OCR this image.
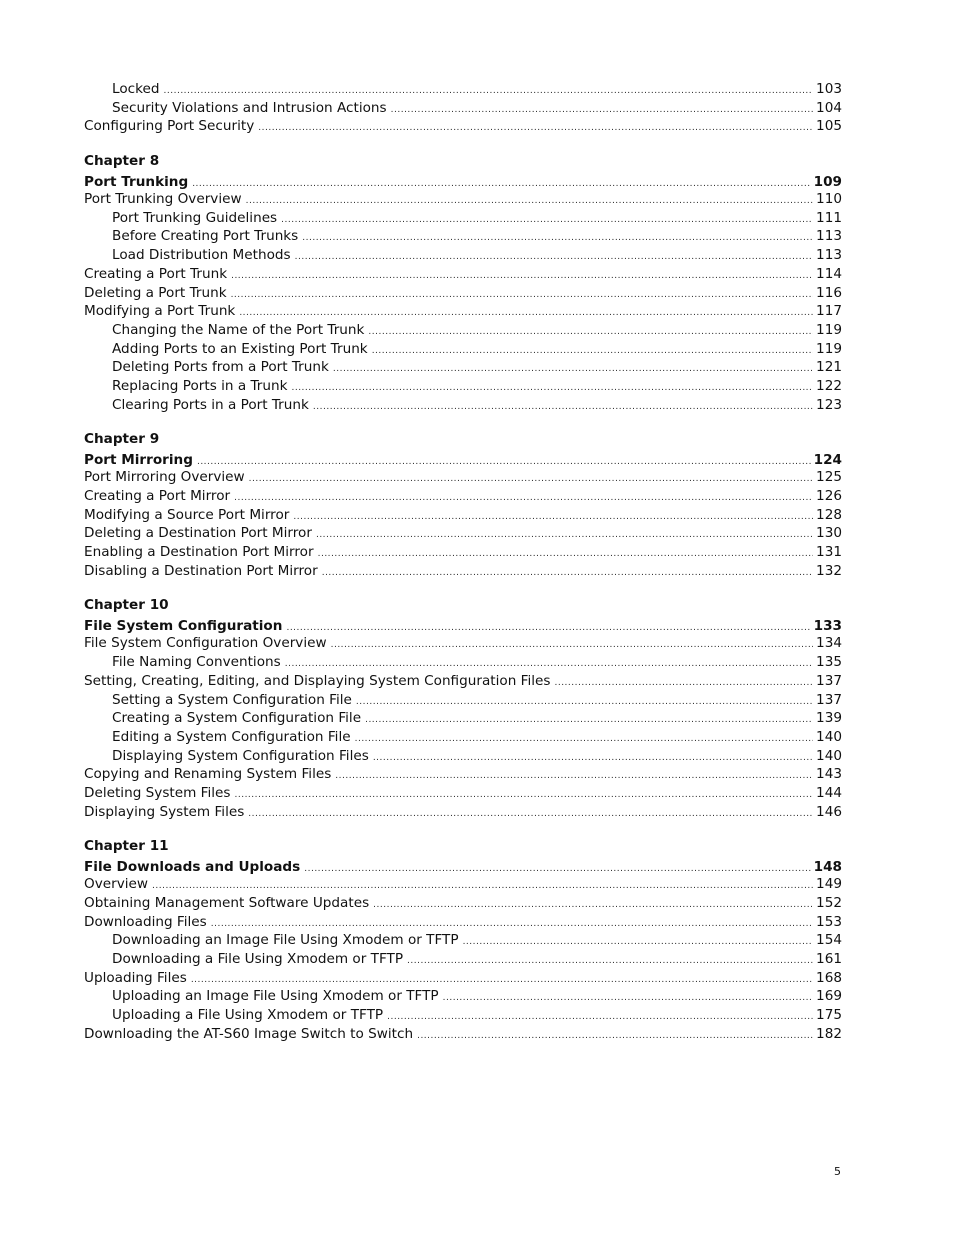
Locked .....	103
Security Violations and Intrusion Actions .....	104
Configuring Port Security .....	105
Chapter 8
Port Trunking .....	109
Port Trunking Overview .....	110
Port Trunking Guidelines .....	111
Before Creating Port Trunks .....	113
Load Distribution Methods .....	113
Creating a Port Trunk .....	114
Deleting a Port Trunk .....	116
Modifying a Port Trunk .....	117
Changing the Name of the Port Trunk .....	119
Adding Ports to an Existing Port Trunk .....	119
Deleting Ports from a Port Trunk .....	121
Replacing Ports in a Trunk .....	122
Clearing Ports in a Port Trunk .....	123
Chapter 9
Port Mirroring .....	124
Port Mirroring Overview .....	125
Creating a Port Mirror .....	126
Modifying a Source Port Mirror .....	128
Deleting a Destination Port Mirror .....	130
Enabling a Destination Port Mirror .....	131
Disabling a Destination Port Mirror .....	132
Chapter 10
File System Configuration .....	133
File System Configuration Overview .....	134
File Naming Conventions .....	135
Setting, Creating, Editing, and Displaying System Configuration Files .....	137
Setting a System Configuration File .....	137
Creating a System Configuration File .....	139
Editing a System Configuration File .....	140
Displaying System Configuration Files .....	140
Copying and Renaming System Files .....	143
Deleting System Files .....	144
Displaying System Files .....	146
Chapter 11
File Downloads and Uploads .....	148
Overview .....	149
Obtaining Management Software Updates .....	152
Downloading Files .....	153
Downloading an Image File Using Xmodem or TFTP .....	154
Downloading a File Using Xmodem or TFTP .....	161
Uploading Files .....	168
Uploading an Image File Using Xmodem or TFTP .....	169
Uploading a File Using Xmodem or TFTP .....	175
Downloading the AT-S60 Image Switch to Switch .....	182
5
